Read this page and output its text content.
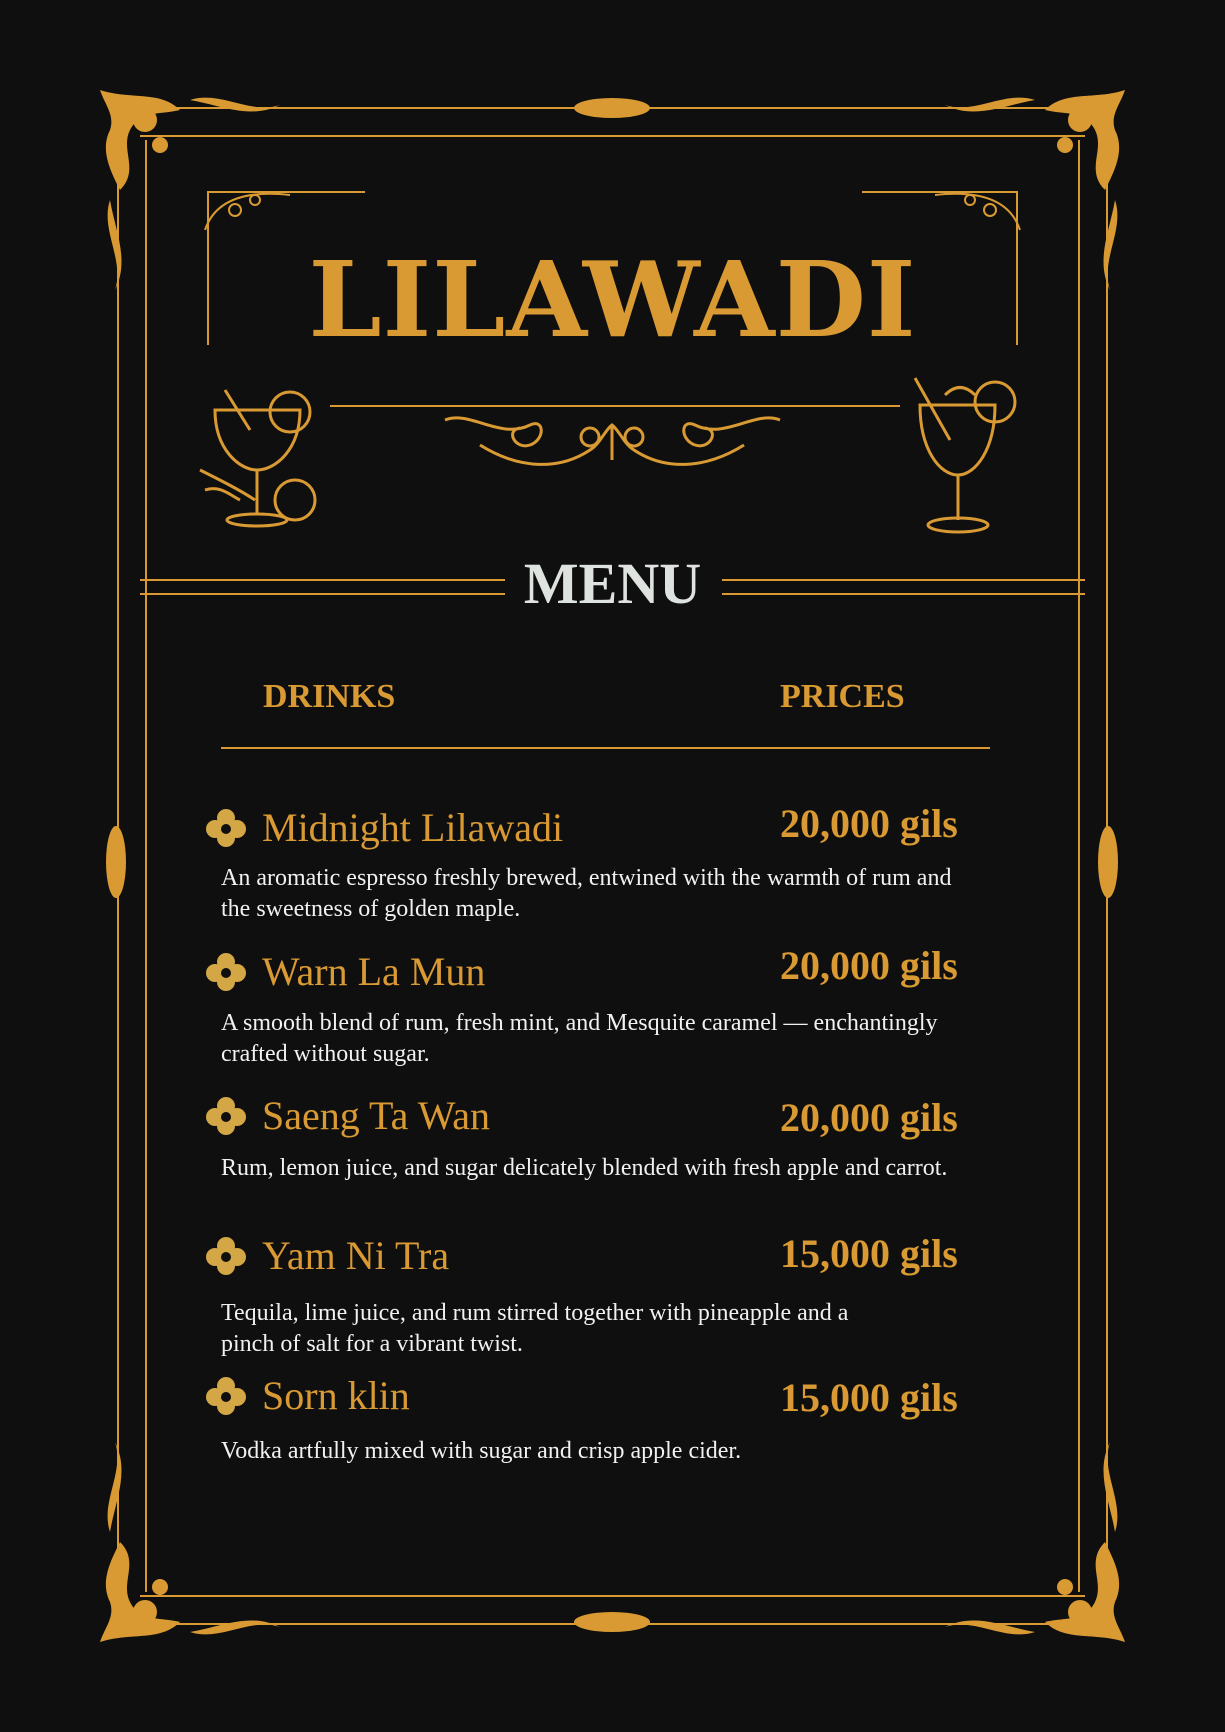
LILAWADI
MENU
DRINKS	PRICES
Midnight Lilawadi	20,000 gils
An aromatic espresso freshly brewed, entwined with the warmth of rum and the sweetness of golden maple.
Warn La Mun	20,000 gils
A smooth blend of rum, fresh mint, and Mesquite caramel — enchantingly crafted without sugar.
Saeng Ta Wan	20,000 gils
Rum, lemon juice, and sugar delicately blended with fresh apple and carrot.
Yam Ni Tra	15,000 gils
Tequila, lime juice, and rum stirred together with pineapple and a pinch of salt for a vibrant twist.
Sorn klin	15,000 gils
Vodka artfully mixed with sugar and crisp apple cider.
